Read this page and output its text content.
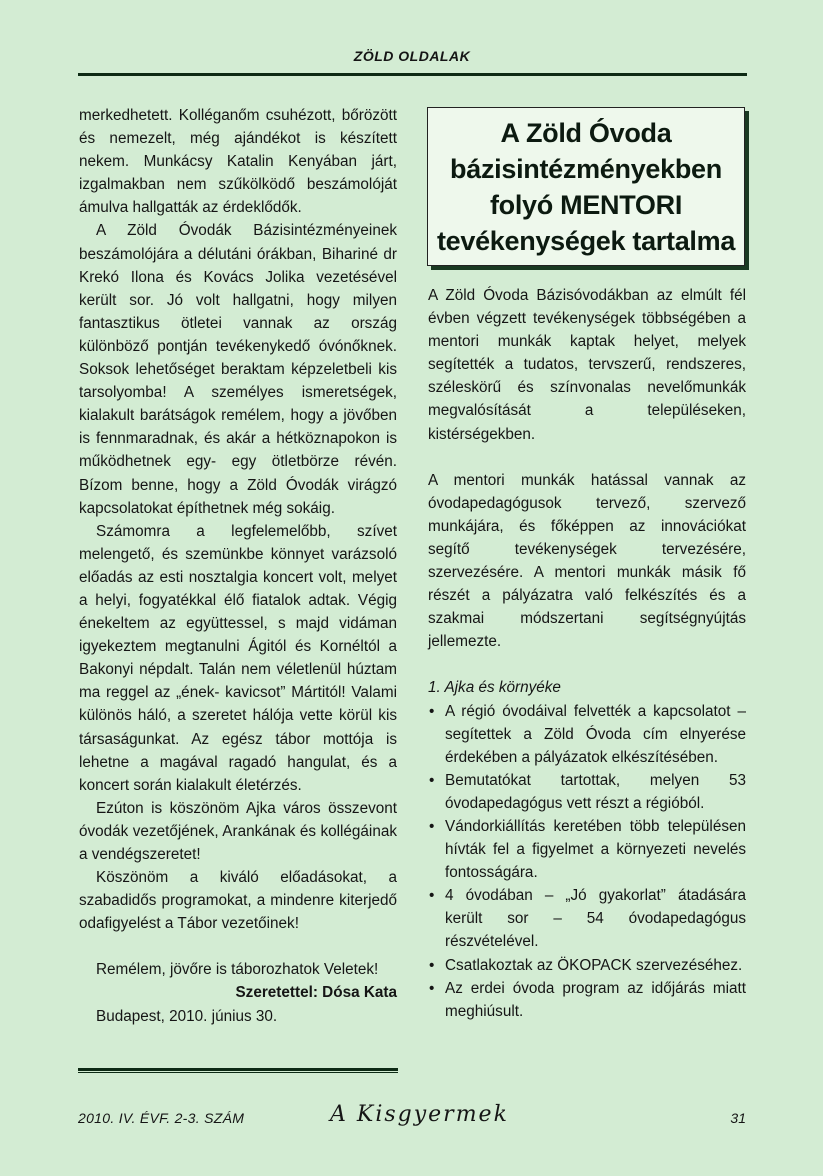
ZÖLD OLDALAK

merkedhetett. Kolléganőm csuhézott, bőrözött és nemezelt, még ajándékot is készített nekem. Munkácsy Katalin Kenyában járt, izgalmakban nem szűkölködő beszámolóját ámulva hallgatták az érdeklődők.

A Zöld Óvodák Bázisintézményeinek beszámolójára a délutáni órákban, Bihariné dr Krekó Ilona és Kovács Jolika vezetésével került sor. Jó volt hallgatni, hogy milyen fantasztikus ötletei vannak az ország különböző pontján tevékenykedő óvónőknek. Soksok lehetőséget beraktam képzeletbeli kis tarsolyomba! A személyes ismeretségek, kialakult barátságok remélem, hogy a jövőben is fennmaradnak, és akár a hétköznapokon is működhetnek egy- egy ötletbörze révén. Bízom benne, hogy a Zöld Óvodák virágzó kapcsolatokat építhetnek még sokáig.

Számomra a legfelemelőbb, szívet melengető, és szemünkbe könnyet varázsoló előadás az esti nosztalgia koncert volt, melyet a helyi, fogyatékkal élő fiatalok adtak. Végig énekeltem az együttessel, s majd vidáman igyekeztem megtanulni Ágitól és Kornéltól a Bakonyi népdalt. Talán nem véletlenül húztam ma reggel az „ének- kavicsot” Mártitól! Valami különös háló, a szeretet hálója vette körül kis társaságunkat. Az egész tábor mottója is lehetne a magával ragadó hangulat, és a koncert során kialakult életérzés.

Ezúton is köszönöm Ajka város összevont óvodák vezetőjének, Arankának és kollégáinak a vendégszeretet!

Köszönöm a kiváló előadásokat, a szabadidős programokat, a mindenre kiterjedő odafigyelést a Tábor vezetőinek!

Remélem, jövőre is táborozhatok Veletek!

Szeretettel: Dósa Kata

Budapest, 2010. június 30.

A Zöld Óvoda bázisintézményekben folyó MENTORI tevékenységek tartalma

A Zöld Óvoda Bázisóvodákban az elmúlt fél évben végzett tevékenységek többségében a mentori munkák kaptak helyet, melyek segítették a tudatos, tervszerű, rendszeres, széleskörű és színvonalas nevelőmunkák megvalósítását a településeken, kistérségekben.

A mentori munkák hatással vannak az óvodapedagógusok tervező, szervező munkájára, és főképpen az innovációkat segítő tevékenységek tervezésére, szervezésére. A mentori munkák másik fő részét a pályázatra való felkészítés és a szakmai módszertani segítségnyújtás jellemezte.

1. Ajka és környéke

• A régió óvodáival felvették a kapcsolatot – segítettek a Zöld Óvoda cím elnyerése érdekében a pályázatok elkészítésében.
• Bemutatókat tartottak, melyen 53 óvodapedagógus vett részt a régióból.
• Vándorkiállítás keretében több településen hívták fel a figyelmet a környezeti nevelés fontosságára.
• 4 óvodában – „Jó gyakorlat” átadására került sor – 54 óvodapedagógus részvételével.
• Csatlakoztak az ÖKOPACK szervezéséhez.
• Az erdei óvoda program az időjárás miatt meghiúsult.
2010. IV. ÉVF. 2-3. SZÁM	A Kisgyermek	31
